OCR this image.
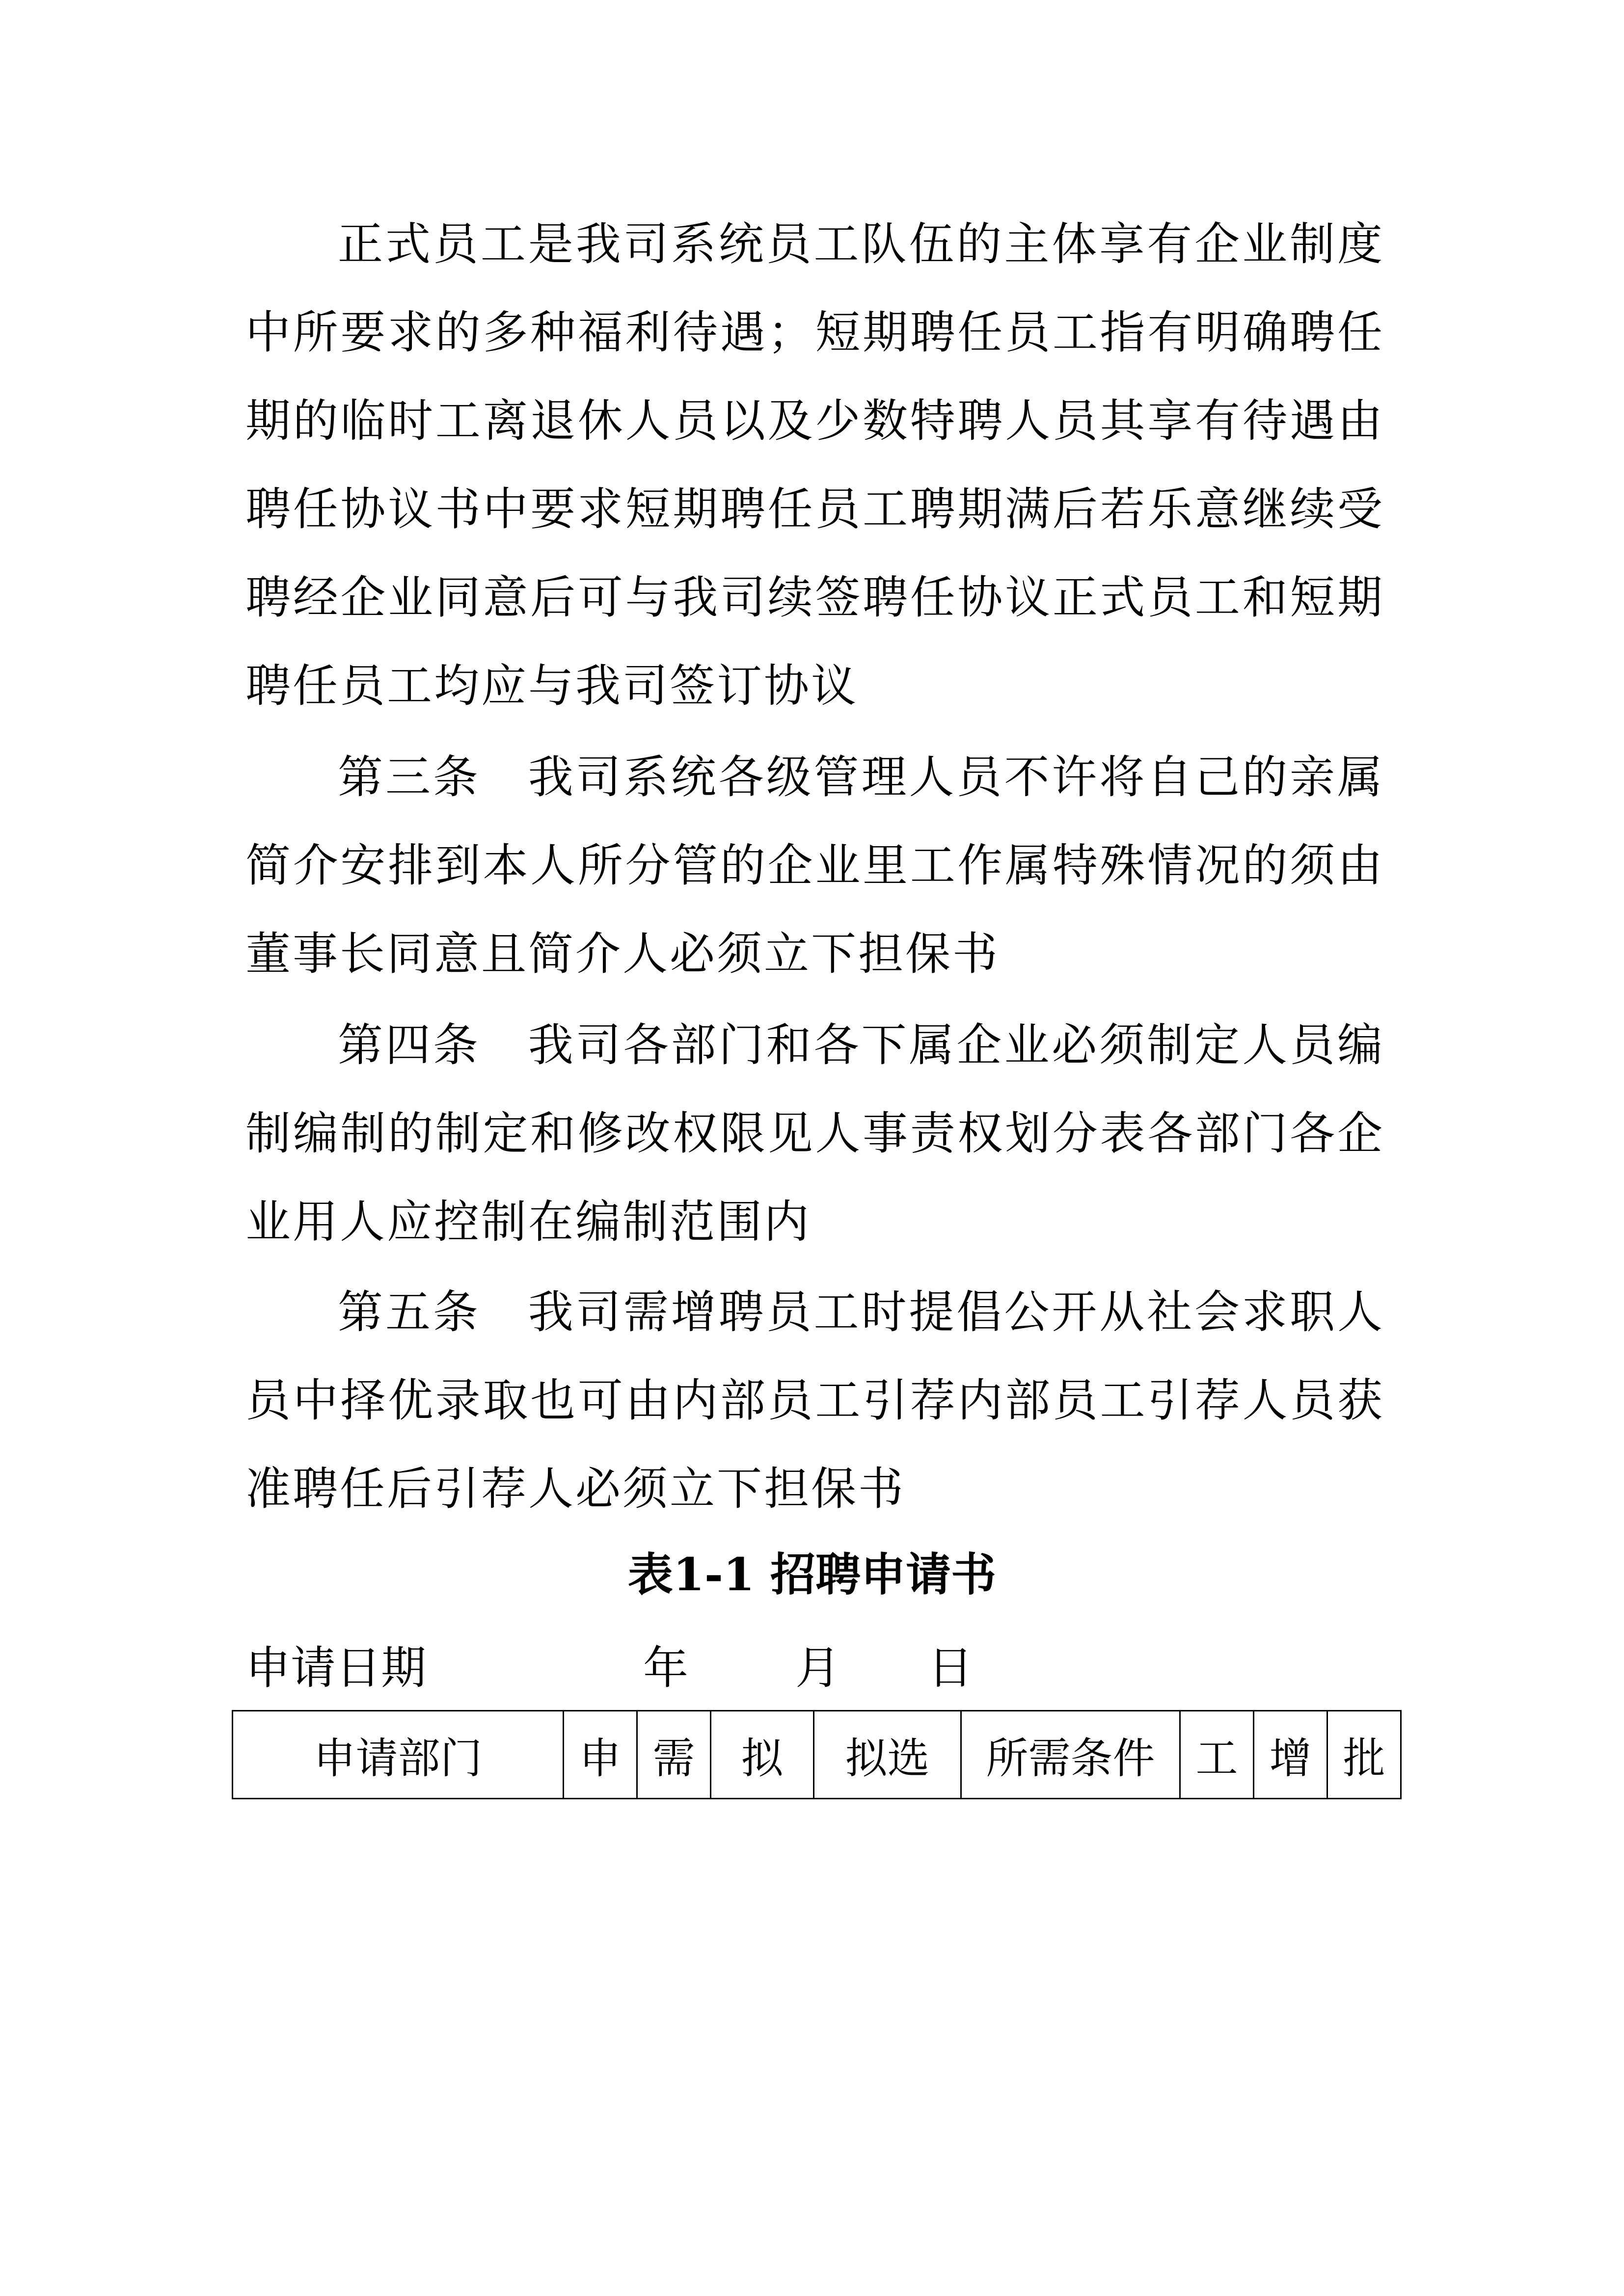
正式员工是我司系统员工队伍的主体享有企业制度中所要求的多种福利待遇；短期聘任员工指有明确聘任期的临时工离退休人员以及少数特聘人员其享有待遇由聘任协议书中要求短期聘任员工聘期满后若乐意继续受聘经企业同意后可与我司续签聘任协议正式员工和短期聘任员工均应与我司签订协议

第三条　我司系统各级管理人员不许将自己的亲属简介安排到本人所分管的企业里工作属特殊情况的须由董事长同意且简介人必须立下担保书

第四条　我司各部门和各下属企业必须制定人员编制编制的制定和修改权限见人事责权划分表各部门各企业用人应控制在编制范围内

第五条　我司需增聘员工时提倡公开从社会求职人员中择优录取也可由内部员工引荐内部员工引荐人员获准聘任后引荐人必须立下担保书

表1-1 招聘申请书

申请日期	年 月 日
申请部门	申	需	拟	拟选	所需条件	工	增	批
